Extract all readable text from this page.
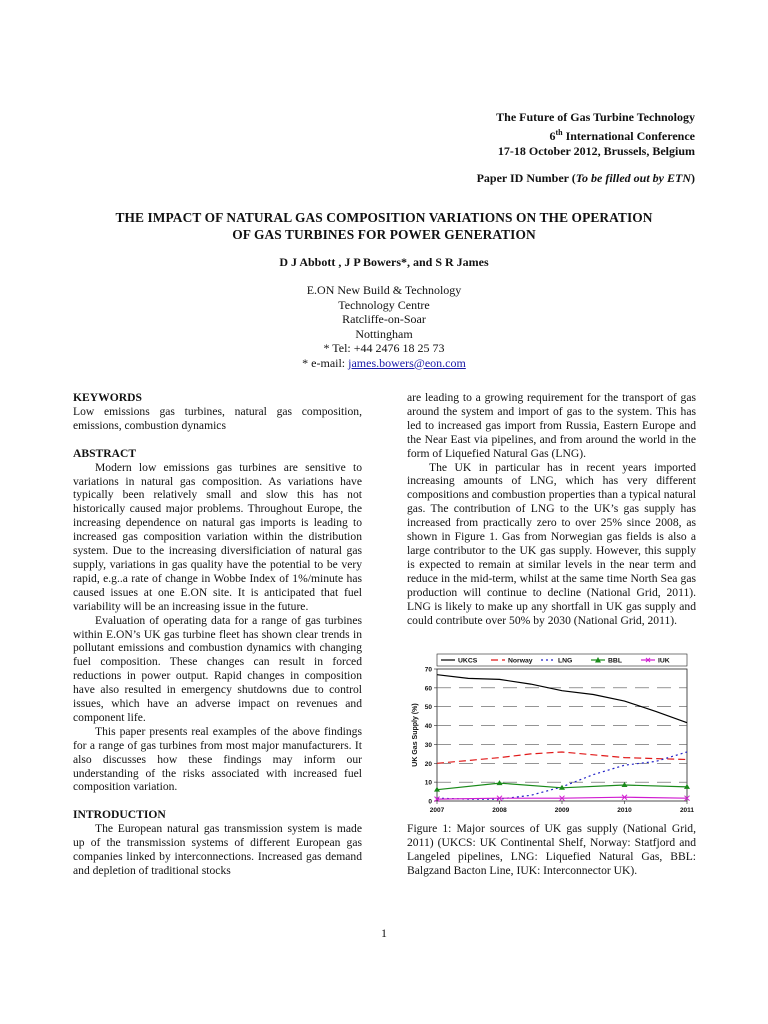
The Future of Gas Turbine Technology
6th International Conference
17-18 October 2012, Brussels, Belgium
Paper ID Number (To be filled out by ETN)
THE IMPACT OF NATURAL GAS COMPOSITION VARIATIONS ON THE OPERATION
OF GAS TURBINES FOR POWER GENERATION
D J Abbott , J P Bowers*, and S R James
E.ON New Build & Technology
Technology Centre
Ratcliffe-on-Soar
Nottingham
* Tel: +44 2476 18 25 73
* e-mail: james.bowers@eon.com
KEYWORDS

Low emissions gas turbines, natural gas composition, emissions, combustion dynamics

ABSTRACT

Modern low emissions gas turbines are sensitive to variations in natural gas composition. As variations have typically been relatively small and slow this has not historically caused major problems. Throughout Europe, the increasing dependence on natural gas imports is leading to increased gas composition variation within the distribution system. Due to the increasing diversificiation of natural gas supply, variations in gas quality have the potential to be very rapid, e.g..a rate of change in Wobbe Index of 1%/minute has caused issues at one E.ON site. It is anticipated that fuel variability will be an increasing issue in the future.

Evaluation of operating data for a range of gas turbines within E.ON’s UK gas turbine fleet has shown clear trends in pollutant emissions and combustion dynamics with changing fuel composition. These changes can result in forced reductions in power output. Rapid changes in composition have also resulted in emergency shutdowns due to control issues, which have an adverse impact on revenues and component life.

This paper presents real examples of the above findings for a range of gas turbines from most major manufacturers. It also discusses how these findings may inform our understanding of the risks associated with increased fuel composition variation.

INTRODUCTION

The European natural gas transmission system is made up of the transmission systems of different European gas companies linked by interconnections. Increased gas demand and depletion of traditional stocks

are leading to a growing requirement for the transport of gas around the system and import of gas to the system. This has led to increased gas import from Russia, Eastern Europe and the Near East via pipelines, and from around the world in the form of Liquefied Natural Gas (LNG).

The UK in particular has in recent years imported increasing amounts of LNG, which has very different compositions and combustion properties than a typical natural gas. The contribution of LNG to the UK’s gas supply has increased from practically zero to over 25% since 2008, as shown in Figure 1. Gas from Norwegian gas fields is also a large contributor to the UK gas supply. However, this supply is expected to remain at similar levels in the near term and reduce in the mid-term, whilst at the same time North Sea gas production will continue to decline (National Grid, 2011). LNG is likely to make up any shortfall in UK gas supply and could contribute over 50% by 2030 (National Grid, 2011).

0
10
20
30
40
50
60
70
2007	2008	2009	2010	2011
UK Gas Supply (%)
UKCS	Norway	LNG	BBL	IUK
Figure 1: Major sources of UK gas supply (National Grid, 2011) (UKCS: UK Continental Shelf, Norway: Statfjord and Langeled pipelines, LNG: Liquefied Natural Gas, BBL: Balgzand Bacton Line, IUK: Interconnector UK).
1
